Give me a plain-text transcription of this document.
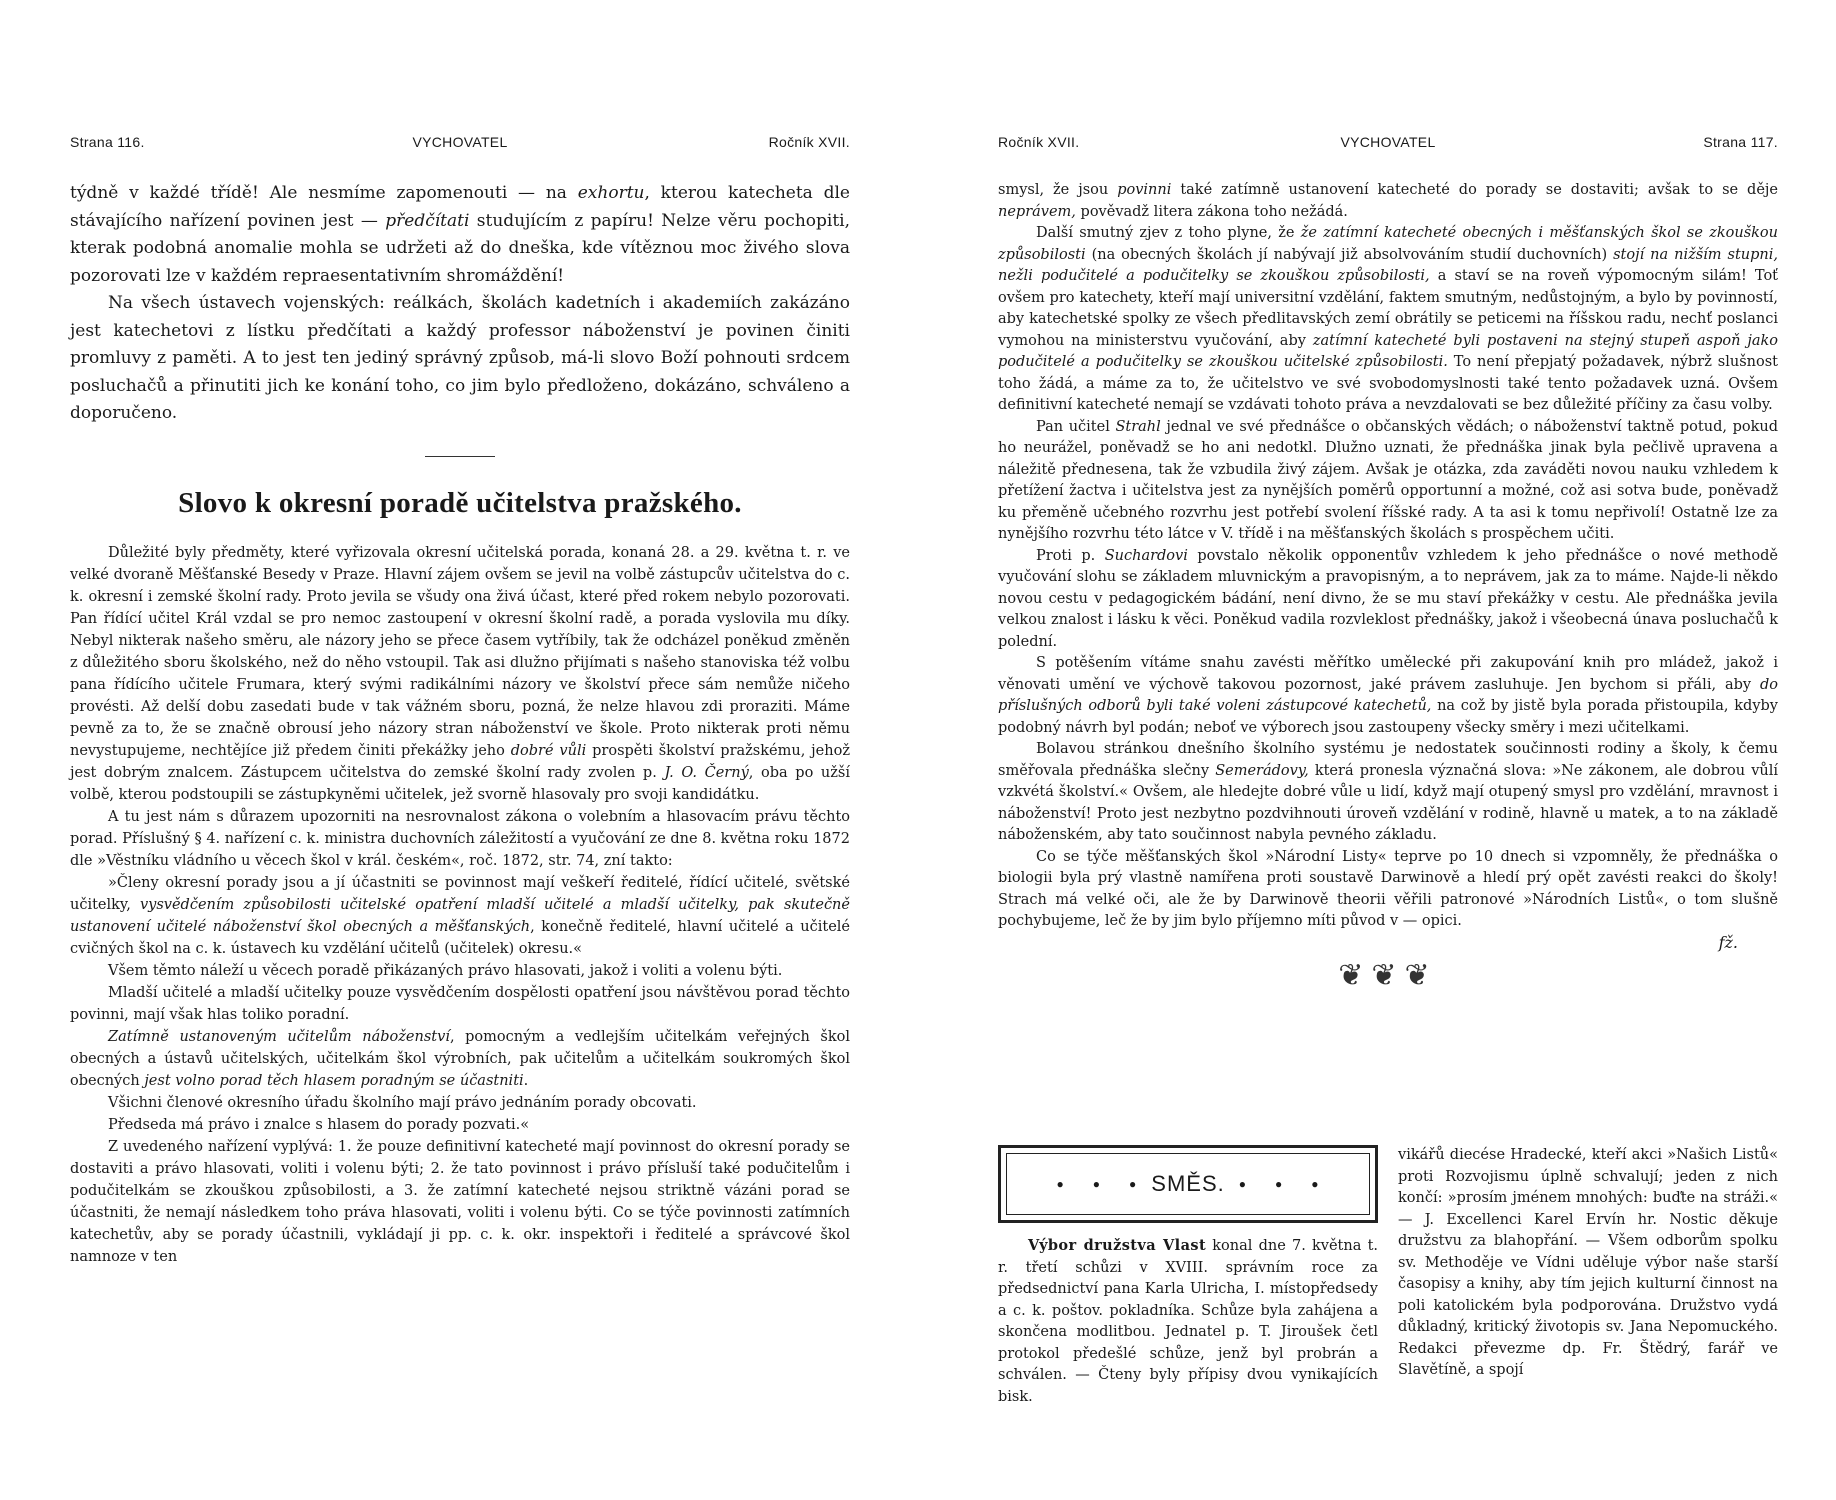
Strana 116.	VYCHOVATEL	Ročník XVII.

týdně v každé třídě! Ale nesmíme zapomenouti — na exhortu, kterou katecheta dle stávajícího nařízení povinen jest — předčítati studujícím z papíru! Nelze věru pochopiti, kterak podobná anomalie mohla se udržeti až do dneška, kde vítěznou moc živého slova pozorovati lze v každém repraesentativním shromáždění!

Na všech ústavech vojenských: reálkách, školách kadetních i akademiích zakázáno jest katechetovi z lístku předčítati a každý professor náboženství je povinen činiti promluvy z paměti. A to jest ten jediný správný způsob, má-li slovo Boží pohnouti srdcem posluchačů a přinutiti jich ke konání toho, co jim bylo předloženo, dokázáno, schváleno a doporučeno.

Slovo k okresní poradě učitelstva pražského.

Důležité byly předměty, které vyřizovala okresní učitelská porada, konaná 28. a 29. května t. r. ve velké dvoraně Měšťanské Besedy v Praze. Hlavní zájem ovšem se jevil na volbě zástupcův učitelstva do c. k. okresní i zemské školní rady. Proto jevila se všudy ona živá účast, které před rokem nebylo pozorovati. Pan řídící učitel Král vzdal se pro nemoc zastoupení v okresní školní radě, a porada vyslovila mu díky. Nebyl nikterak našeho směru, ale názory jeho se přece časem vytříbily, tak že odcházel poněkud změněn z důležitého sboru školského, než do něho vstoupil. Tak asi dlužno přijímati s našeho stanoviska též volbu pana řídícího učitele Frumara, který svými radikálními názory ve školství přece sám nemůže ničeho provésti. Až delší dobu zasedati bude v tak vážném sboru, pozná, že nelze hlavou zdi proraziti. Máme pevně za to, že se značně obrousí jeho názory stran náboženství ve škole. Proto nikterak proti němu nevystupujeme, nechtějíce již předem činiti překážky jeho dobré vůli prospěti školství pražskému, jehož jest dobrým znalcem. Zástupcem učitelstva do zemské školní rady zvolen p. J. O. Černý, oba po užší volbě, kterou podstoupili se zástupkyněmi učitelek, jež svorně hlasovaly pro svoji kandidátku.

A tu jest nám s důrazem upozorniti na nesrovnalost zákona o volebním a hlasovacím právu těchto porad. Příslušný § 4. nařízení c. k. ministra duchovních záležitostí a vyučování ze dne 8. května roku 1872 dle »Věstníku vládního u věcech škol v král. českém«, roč. 1872, str. 74, zní takto:

»Členy okresní porady jsou a jí účastniti se povinnost mají veškeří ředitelé, řídící učitelé, světské učitelky, vysvědčením způsobilosti učitelské opatření mladší učitelé a mladší učitelky, pak skutečně ustanovení učitelé náboženství škol obecných a měšťanských, konečně ředitelé, hlavní učitelé a učitelé cvičných škol na c. k. ústavech ku vzdělání učitelů (učitelek) okresu.«

Všem těmto náleží u věcech poradě přikázaných právo hlasovati, jakož i voliti a volenu býti.

Mladší učitelé a mladší učitelky pouze vysvědčením dospělosti opatření jsou návštěvou porad těchto povinni, mají však hlas toliko poradní.

Zatímně ustanoveným učitelům náboženství, pomocným a vedlejším učitelkám veřejných škol obecných a ústavů učitelských, učitelkám škol výrobních, pak učitelům a učitelkám soukromých škol obecných jest volno porad těch hlasem poradným se účastniti.

Všichni členové okresního úřadu školního mají právo jednáním porady obcovati.

Předseda má právo i znalce s hlasem do porady pozvati.«

Z uvedeného nařízení vyplývá: 1. že pouze definitivní katecheté mají povinnost do okresní porady se dostaviti a právo hlasovati, voliti i volenu býti; 2. že tato povinnost i právo přísluší také podučitelům i podučitelkám se zkouškou způsobilosti, a 3. že zatímní katecheté nejsou striktně vázáni porad se účastniti, že nemají následkem toho práva hlasovati, voliti i volenu býti. Co se týče povinnosti zatímních katechetův, aby se porady účastnili, vykládají ji pp. c. k. okr. inspektoři i ředitelé a správcové škol namnoze v ten

Ročník XVII.	VYCHOVATEL	Strana 117.

smysl, že jsou povinni také zatímně ustanovení katecheté do porady se dostaviti; avšak to se děje neprávem, pověvadž litera zákona toho nežádá.

Další smutný zjev z toho plyne, že že zatímní katecheté obecných i měšťanských škol se zkouškou způsobilosti (na obecných školách jí nabývají již absolvováním studií duchovních) stojí na nižším stupni, nežli podučitelé a podučitelky se zkouškou způsobilosti, a staví se na roveň výpomocným silám! Toť ovšem pro katechety, kteří mají universitní vzdělání, faktem smutným, nedůstojným, a bylo by povinností, aby katechetské spolky ze všech předlitavských zemí obrátily se peticemi na říšskou radu, nechť poslanci vymohou na ministerstvu vyučování, aby zatímní katecheté byli postaveni na stejný stupeň aspoň jako podučitelé a podučitelky se zkouškou učitelské způsobilosti. To není přepjatý požadavek, nýbrž slušnost toho žádá, a máme za to, že učitelstvo ve své svobodomyslnosti také tento požadavek uzná. Ovšem definitivní katecheté nemají se vzdávati tohoto práva a nevzdalovati se bez důležité příčiny za času volby.

Pan učitel Strahl jednal ve své přednášce o občanských vědách; o náboženství taktně potud, pokud ho neurážel, poněvadž se ho ani nedotkl. Dlužno uznati, že přednáška jinak byla pečlivě upravena a náležitě přednesena, tak že vzbudila živý zájem. Avšak je otázka, zda zaváděti novou nauku vzhledem k přetížení žactva i učitelstva jest za nynějších poměrů opportunní a možné, což asi sotva bude, poněvadž ku přeměně učebného rozvrhu jest potřebí svolení říšské rady. A ta asi k tomu nepřivolí! Ostatně lze za nynějšího rozvrhu této látce v V. třídě i na měšťanských školách s prospěchem učiti.

Proti p. Suchardovi povstalo několik opponentův vzhledem k jeho přednášce o nové methodě vyučování slohu se základem mluvnickým a pravopisným, a to neprávem, jak za to máme. Najde-li někdo novou cestu v pedagogickém bádání, není divno, že se mu staví překážky v cestu. Ale přednáška jevila velkou znalost i lásku k věci. Poněkud vadila rozvleklost přednášky, jakož i všeobecná únava posluchačů k polední.

S potěšením vítáme snahu zavésti měřítko umělecké při zakupování knih pro mládež, jakož i věnovati umění ve výchově takovou pozornost, jaké právem zasluhuje. Jen bychom si přáli, aby do příslušných odborů byli také voleni zástupcové katechetů, na což by jistě byla porada přistoupila, kdyby podobný návrh byl podán; neboť ve výborech jsou zastoupeny všecky směry i mezi učitelkami.

Bolavou stránkou dnešního školního systému je nedostatek součinnosti rodiny a školy, k čemu směřovala přednáška slečny Semerádovy, která pronesla význačná slova: »Ne zákonem, ale dobrou vůlí vzkvétá školství.« Ovšem, ale hledejte dobré vůle u lidí, když mají otupený smysl pro vzdělání, mravnost i náboženství! Proto jest nezbytno pozdvihnouti úroveň vzdělání v rodině, hlavně u matek, a to na základě náboženském, aby tato součinnost nabyla pevného základu.

Co se týče měšťanských škol »Národní Listy« teprve po 10 dnech si vzpomněly, že přednáška o biologii byla prý vlastně namířena proti soustavě Darwinově a hledí prý opět zavésti reakci do školy! Strach má velké oči, ale že by Darwinově theorii věřili patronové »Národních Listů«, o tom slušně pochybujeme, leč že by jim bylo příjemno míti původ v — opici.

fž.
❦❦❦
● ● ● SMĚS. ● ● ●

Výbor družstva Vlast konal dne 7. května t. r. třetí schůzi v XVIII. správním roce za předsednictví pana Karla Ulricha, I. místopředsedy a c. k. poštov. pokladníka. Schůze byla zahájena a skončena modlitbou. Jednatel p. T. Jiroušek četl protokol předešlé schůze, jenž byl probrán a schválen. — Čteny byly přípisy dvou vynikajících bisk.

vikářů diecése Hradecké, kteří akci »Našich Listů« proti Rozvojismu úplně schvalují; jeden z nich končí: »prosím jménem mnohých: buďte na stráži.« — J. Excellenci Karel Ervín hr. Nostic děkuje družstvu za blahopřání. — Všem odborům spolku sv. Methoděje ve Vídni uděluje výbor naše starší časopisy a knihy, aby tím jejich kulturní činnost na poli katolickém byla podporována. Družstvo vydá důkladný, kritický životopis sv. Jana Nepomuckého. Redakci převezme dp. Fr. Štědrý, farář ve Slavětíně, a spojí
